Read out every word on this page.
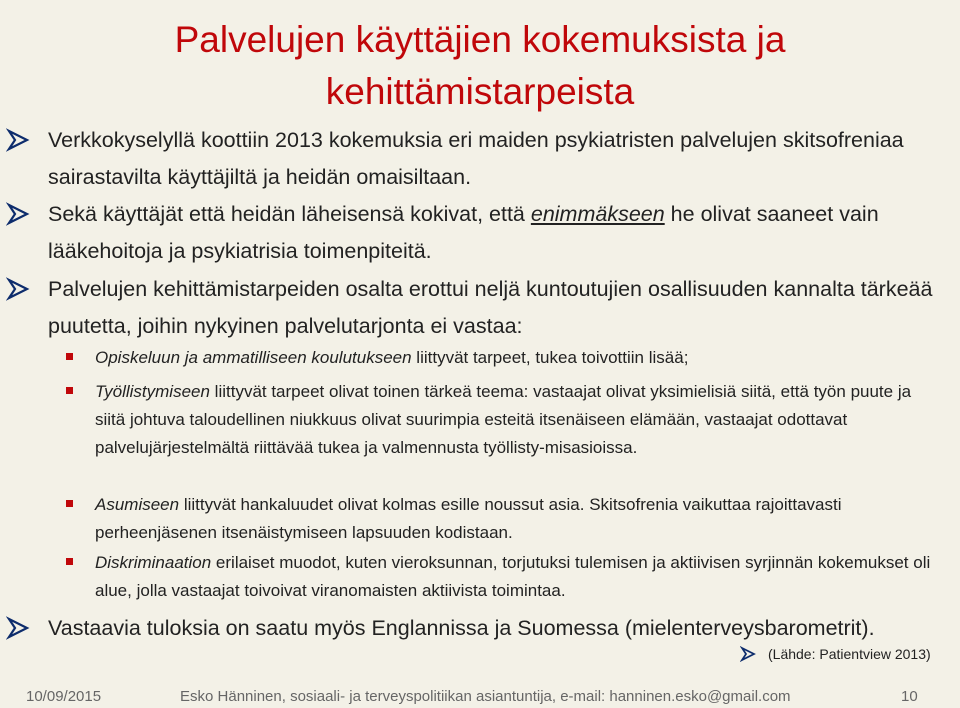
Palvelujen käyttäjien kokemuksista ja kehittämistarpeista
Verkkokyselyllä koottiin 2013 kokemuksia eri maiden psykiatristen palvelujen skitsofreniaa sairastavilta käyttäjiltä ja heidän omaisiltaan.
Sekä käyttäjät että heidän läheisensä kokivat, että enimmäkseen he olivat saaneet vain lääkehoitoja ja psykiatrisia toimenpiteitä.
Palvelujen kehittämistarpeiden osalta erottui neljä kuntoutujien osallisuuden kannalta tärkeää puutetta, joihin nykyinen palvelutarjonta ei vastaa:
Opiskeluun ja ammatilliseen koulutukseen liittyvät tarpeet, tukea toivottiin lisää;
Työllistymiseen liittyvät tarpeet olivat toinen tärkeä teema: vastaajat olivat yksimielisiä siitä, että työn puute ja siitä johtuva taloudellinen niukkuus olivat suurimpia esteitä itsenäiseen elämään, vastaajat odottavat palvelujärjestelmältä riittävää tukea ja valmennusta työllisty-misasioissa.
Asumiseen liittyvät hankaluudet olivat kolmas esille noussut asia. Skitsofrenia vaikuttaa rajoittavasti perheenjäsenen itsenäistymiseen lapsuuden kodistaan.
Diskriminaation erilaiset muodot, kuten vieroksunnan, torjutuksi tulemisen ja aktiivisen syrjinnän kokemukset oli alue, jolla vastaajat toivoivat viranomaisten aktiivista toimintaa.
Vastaavia tuloksia on saatu myös Englannissa ja Suomessa (mielenterveysbarometrit).
(Lähde: Patientview 2013)
10/09/2015	Esko Hänninen, sosiaali- ja terveyspolitiikan asiantuntija, e-mail: hanninen.esko@gmail.com	10
